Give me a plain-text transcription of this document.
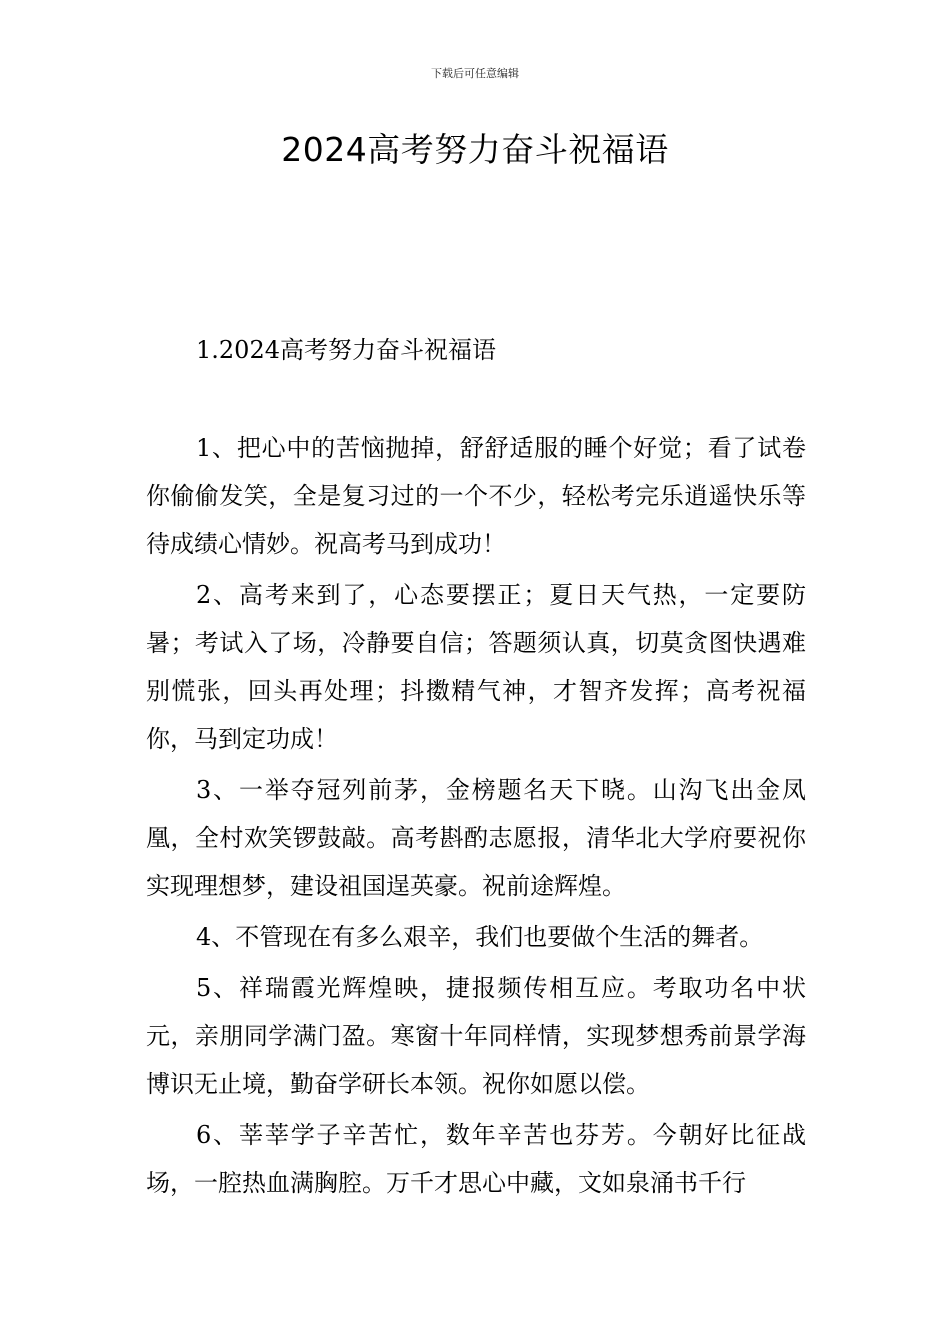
下载后可任意编辑
2024高考努力奋斗祝福语
1.2024高考努力奋斗祝福语

1、把心中的苦恼抛掉，舒舒适服的睡个好觉；看了试卷你偷偷发笑，全是复习过的一个不少，轻松考完乐逍遥快乐等待成绩心情妙。祝高考马到成功！

2、高考来到了，心态要摆正；夏日天气热，一定要防暑；考试入了场，冷静要自信；答题须认真，切莫贪图快遇难别慌张，回头再处理；抖擞精气神，才智齐发挥；高考祝福你，马到定功成！

3、一举夺冠列前茅，金榜题名天下晓。山沟飞出金凤凰，全村欢笑锣鼓敲。高考斟酌志愿报，清华北大学府要祝你实现理想梦，建设祖国逞英豪。祝前途辉煌。

4、不管现在有多么艰辛，我们也要做个生活的舞者。

5、祥瑞霞光辉煌映，捷报频传相互应。考取功名中状元，亲朋同学满门盈。寒窗十年同样情，实现梦想秀前景学海博识无止境，勤奋学研长本领。祝你如愿以偿。

6、莘莘学子辛苦忙，数年辛苦也芬芳。今朝好比征战场，一腔热血满胸腔。万千才思心中藏，文如泉涌书千行
